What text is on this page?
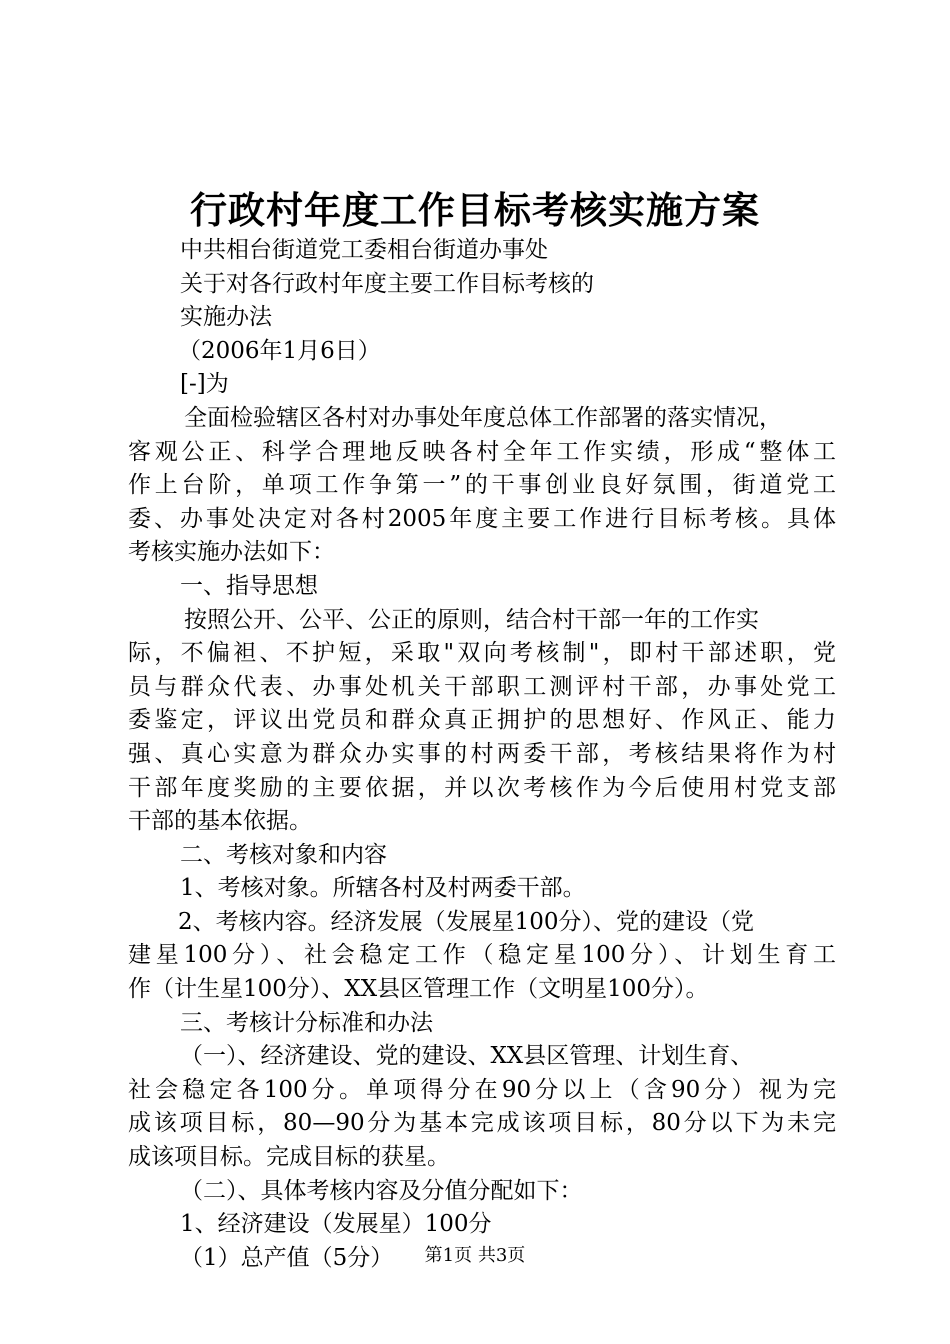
行政村年度工作目标考核实施方案
中共相台街道党工委相台街道办事处
关于对各行政村年度主要工作目标考核的
实施办法
（2006年1月6日）
[-]为
全面检验辖区各村对办事处年度总体工作部署的落实情况，
客观公正、科学合理地反映各村全年工作实绩，形成“整体工
作上台阶，单项工作争第一”的干事创业良好氛围，街道党工
委、办事处决定对各村2005年度主要工作进行目标考核。具体
考核实施办法如下：
一、指导思想
按照公开、公平、公正的原则，结合村干部一年的工作实
际，不偏袒、不护短，采取"双向考核制"，即村干部述职，党
员与群众代表、办事处机关干部职工测评村干部，办事处党工
委鉴定，评议出党员和群众真正拥护的思想好、作风正、能力
强、真心实意为群众办实事的村两委干部，考核结果将作为村
干部年度奖励的主要依据，并以次考核作为今后使用村党支部
干部的基本依据。
二、考核对象和内容
1、考核对象。所辖各村及村两委干部。
2、考核内容。经济发展（发展星100分）、党的建设（党
建星100分）、社会稳定工作（稳定星100分）、计划生育工
作（计生星100分）、XX县区管理工作（文明星100分）。
三、考核计分标准和办法
（一）、经济建设、党的建设、XX县区管理、计划生育、
社会稳定各100分。单项得分在90分以上（含90分）视为完
成该项目标，80—90分为基本完成该项目标，80分以下为未完
成该项目标。完成目标的获星。
（二）、具体考核内容及分值分配如下：
1、经济建设（发展星）100分
（1）总产值（5分）	第1页 共3页
